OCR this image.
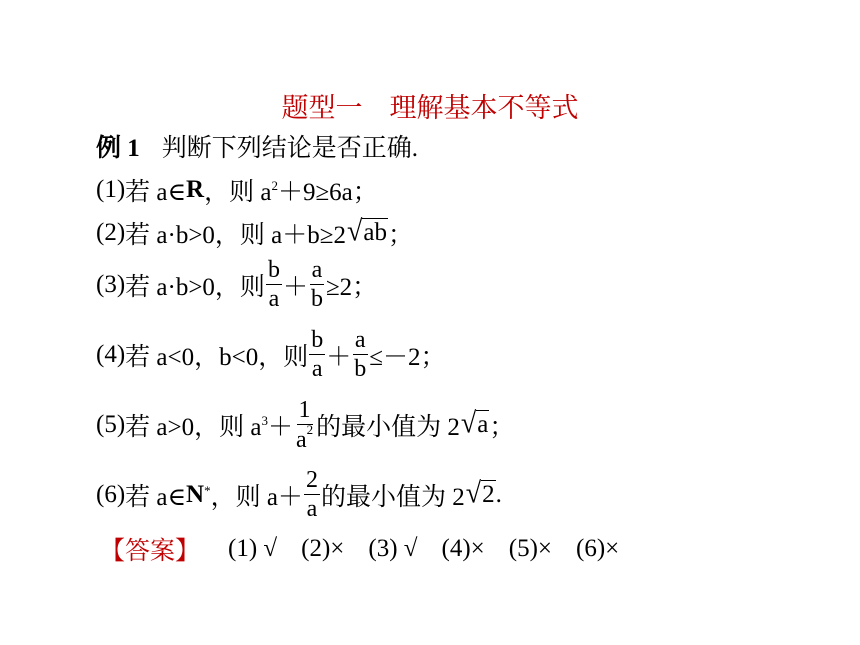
题型一　理解基本不等式
例 1 判断下列结论是否正确.
(1) 若 a∈ R ，则 $a^2 +9\ge 6a$；
(2) 若 a·b>0，则 a＋b≥2 √ ab ；
(3) 若 a·b>0，则 $\frac{b}{a} + \frac{a}{b} \ge 2$；
(4) 若 a<0，b<0，则 $\frac{b}{a} + \frac{a}{b} \le-2$；
(5) 若 a>0，则 $a^3 + \frac{1}{a^2}$ 的最小值为 2 √ a ；
(6) 若 a∈ N* ，则 $a+ \frac{2}{a}$ 的最小值为 2 √ 2 .
【答案】 (1) √ (2)× (3) √ (4)× (5)× (6)×
